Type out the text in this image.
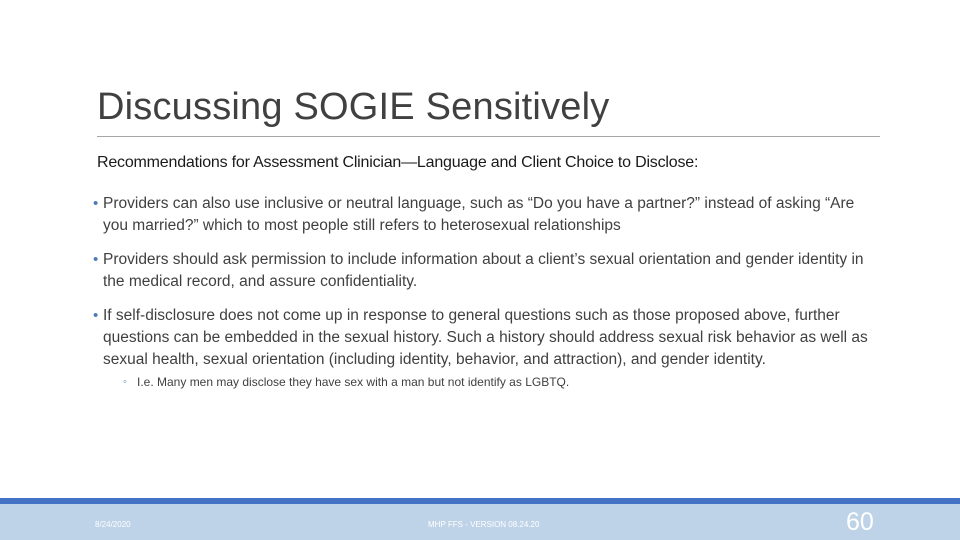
Discussing SOGIE Sensitively
Recommendations for Assessment Clinician—Language and Client Choice to Disclose:
• Providers can also use inclusive or neutral language, such as “Do you have a partner?” instead of asking “Are you married?” which to most people still refers to heterosexual relationships
• Providers should ask permission to include information about a client’s sexual orientation and gender identity in the medical record, and assure confidentiality.
• If self-disclosure does not come up in response to general questions such as those proposed above, further questions can be embedded in the sexual history. Such a history should address sexual risk behavior as well as sexual health, sexual orientation (including identity, behavior, and attraction), and gender identity.
◦ I.e. Many men may disclose they have sex with a man but not identify as LGBTQ.
8/24/2020	MHP FFS - VERSION 08.24.20	60
